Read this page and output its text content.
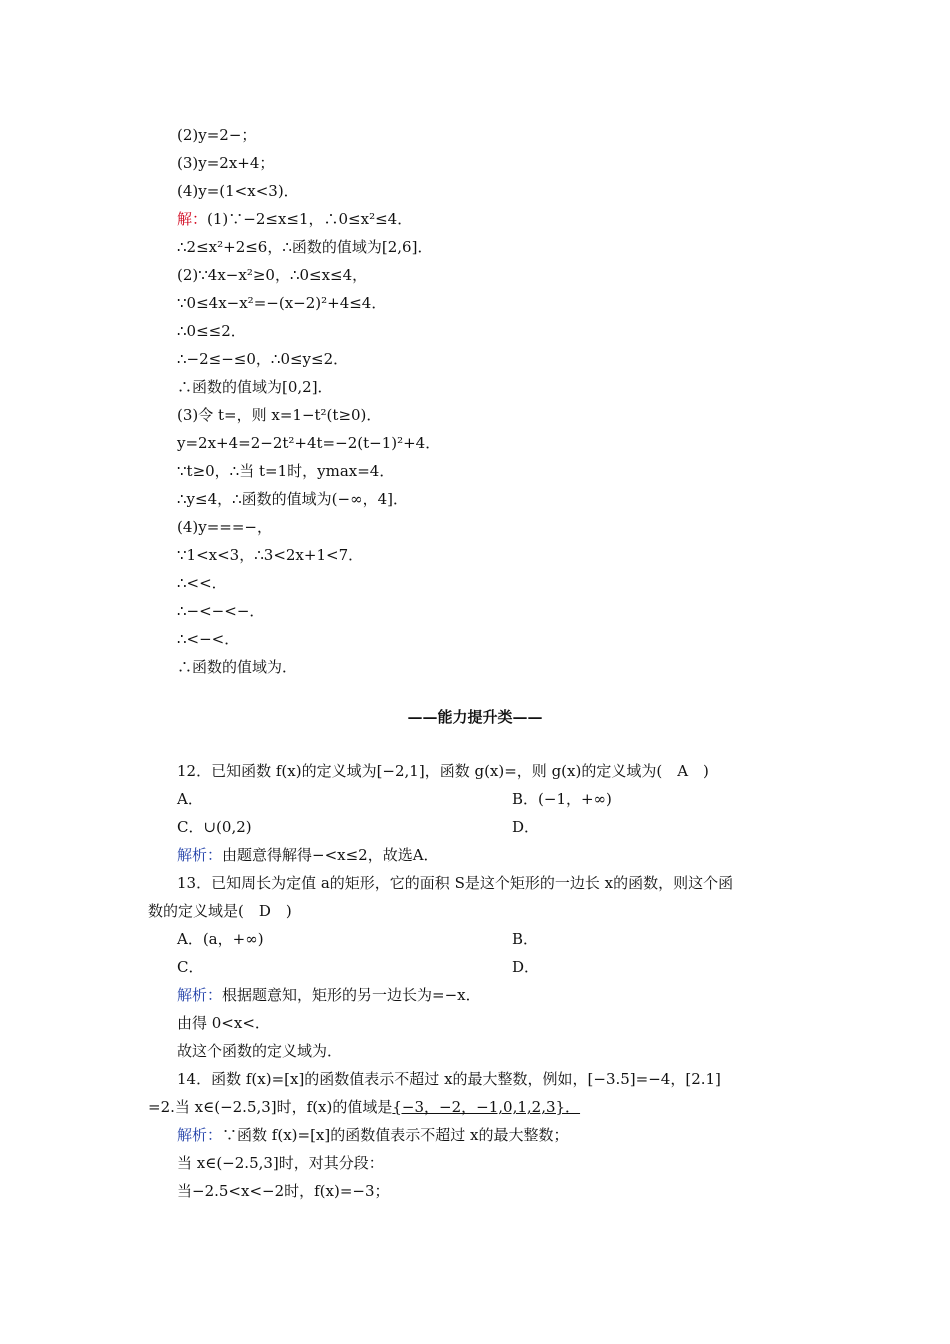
(2)y=2−；
(3)y=2x+4；
(4)y=(1<x<3)．
解：(1)∵−2≤x≤1，∴0≤x²≤4．
∴2≤x²+2≤6，∴函数的值域为[2,6]．
(2)∵4x−x²≥0，∴0≤x≤4，
∵0≤4x−x²=−(x−2)²+4≤4．
∴0≤≤2．
∴−2≤−≤0，∴0≤y≤2．
∴函数的值域为[0,2]．
(3)令 t=，则 x=1−t²(t≥0)．
y=2x+4=2−2t²+4t=−2(t−1)²+4．
∵t≥0，∴当 t=1时，ymax=4．
∴y≤4，∴函数的值域为(−∞，4]．
(4)y===−，
∵1<x<3，∴3<2x+1<7．
∴<<．
∴−<−<−．
∴<−<．
∴函数的值域为．
——能力提升类——
12．已知函数 f(x)的定义域为[−2,1]，函数 g(x)=，则 g(x)的定义域为(　A　)
A．	B．(−1，+∞)
C．∪(0,2)	D．
解析：由题意得解得−<x≤2，故选A．
13．已知周长为定值 a的矩形，它的面积 S是这个矩形的一边长 x的函数，则这个函
数的定义域是(　D　)
A．(a，+∞)	B．
C．	D．
解析：根据题意知，矩形的另一边长为=−x．
由得 0<x<．
故这个函数的定义域为．
14．函数 f(x)=[x]的函数值表示不超过 x的最大整数，例如，[−3.5]=−4，[2.1]
=2.当 x∈(−2.5,3]时，f(x)的值域是{−3，−2，−1,0,1,2,3}．
解析：∵函数 f(x)=[x]的函数值表示不超过 x的最大整数；
当 x∈(−2.5,3]时，对其分段：
当−2.5<x<−2时，f(x)=−3；
